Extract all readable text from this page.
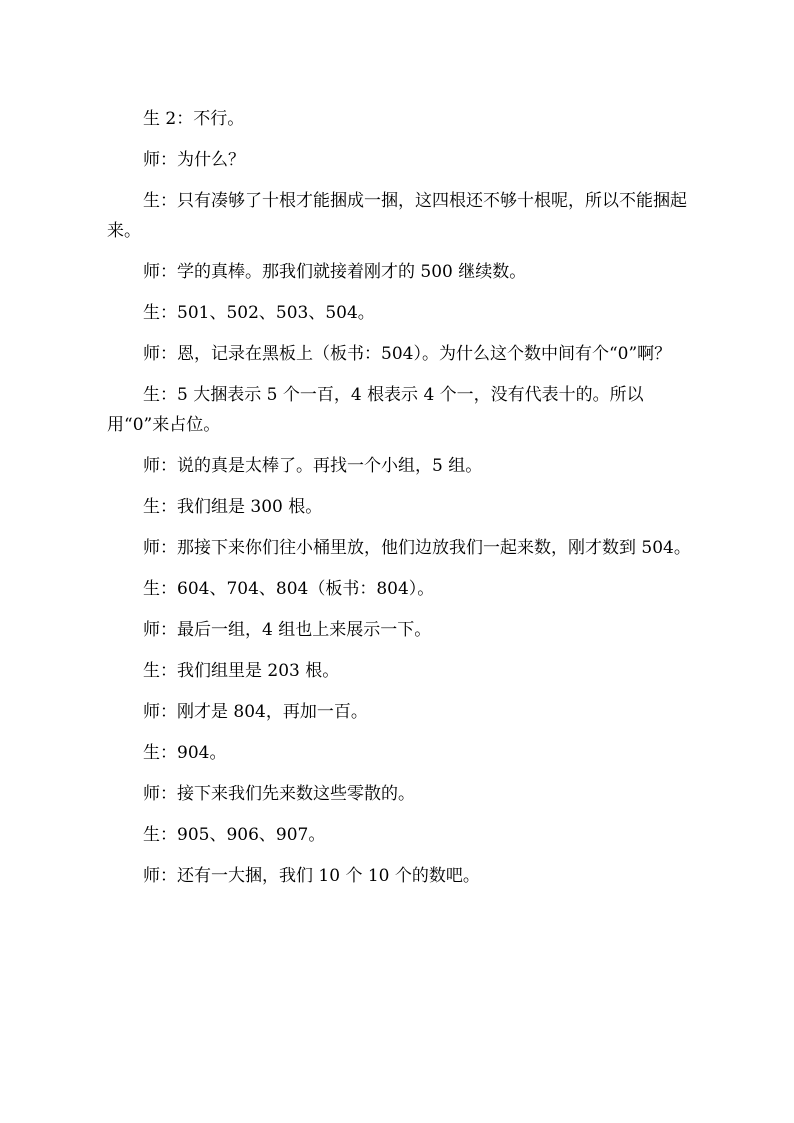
生 2：不行。

师：为什么？

生：只有凑够了十根才能捆成一捆，这四根还不够十根呢，所以不能捆起来。

师：学的真棒。那我们就接着刚才的 500 继续数。

生：501、502、503、504。

师：恩，记录在黑板上（板书：504）。为什么这个数中间有个“0”啊？

生：5 大捆表示 5 个一百，4 根表示 4 个一，没有代表十的。所以用“0”来占位。

师：说的真是太棒了。再找一个小组，5 组。

生：我们组是 300 根。

师：那接下来你们往小桶里放，他们边放我们一起来数，刚才数到 504。

生：604、704、804（板书：804）。

师：最后一组，4 组也上来展示一下。

生：我们组里是 203 根。

师：刚才是 804，再加一百。

生：904。

师：接下来我们先来数这些零散的。

生：905、906、907。

师：还有一大捆，我们 10 个 10 个的数吧。
